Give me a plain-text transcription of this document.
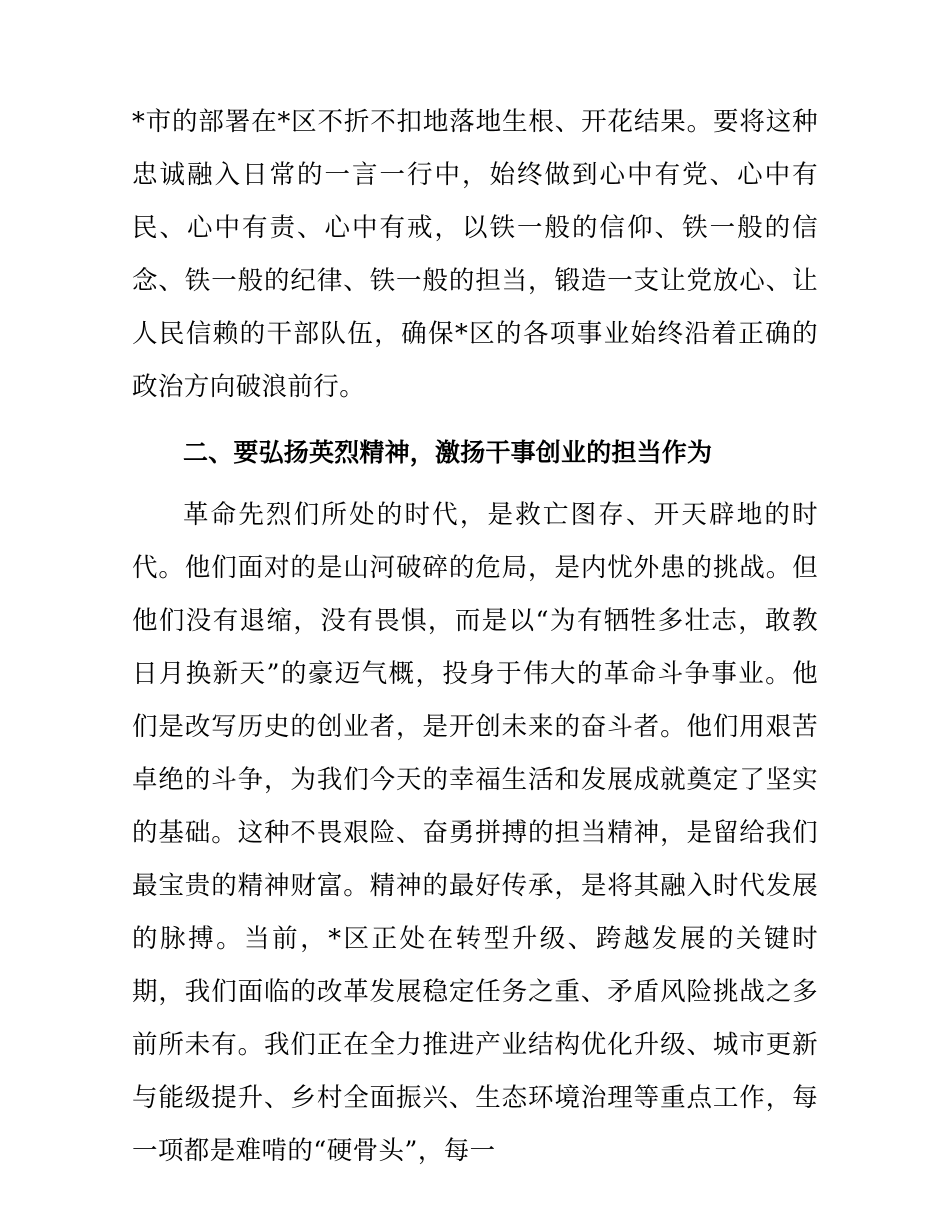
*市的部署在*区不折不扣地落地生根、开花结果。要将这种忠诚融入日常的一言一行中，始终做到心中有党、心中有民、心中有责、心中有戒，以铁一般的信仰、铁一般的信念、铁一般的纪律、铁一般的担当，锻造一支让党放心、让人民信赖的干部队伍，确保*区的各项事业始终沿着正确的政治方向破浪前行。

二、要弘扬英烈精神，激扬干事创业的担当作为

革命先烈们所处的时代，是救亡图存、开天辟地的时代。他们面对的是山河破碎的危局，是内忧外患的挑战。但他们没有退缩，没有畏惧，而是以“为有牺牲多壮志，敢教日月换新天”的豪迈气概，投身于伟大的革命斗争事业。他们是改写历史的创业者，是开创未来的奋斗者。他们用艰苦卓绝的斗争，为我们今天的幸福生活和发展成就奠定了坚实的基础。这种不畏艰险、奋勇拼搏的担当精神，是留给我们最宝贵的精神财富。精神的最好传承，是将其融入时代发展的脉搏。当前，*区正处在转型升级、跨越发展的关键时期，我们面临的改革发展稳定任务之重、矛盾风险挑战之多前所未有。我们正在全力推进产业结构优化升级、城市更新与能级提升、乡村全面振兴、生态环境治理等重点工作，每一项都是难啃的“硬骨头”，每一
